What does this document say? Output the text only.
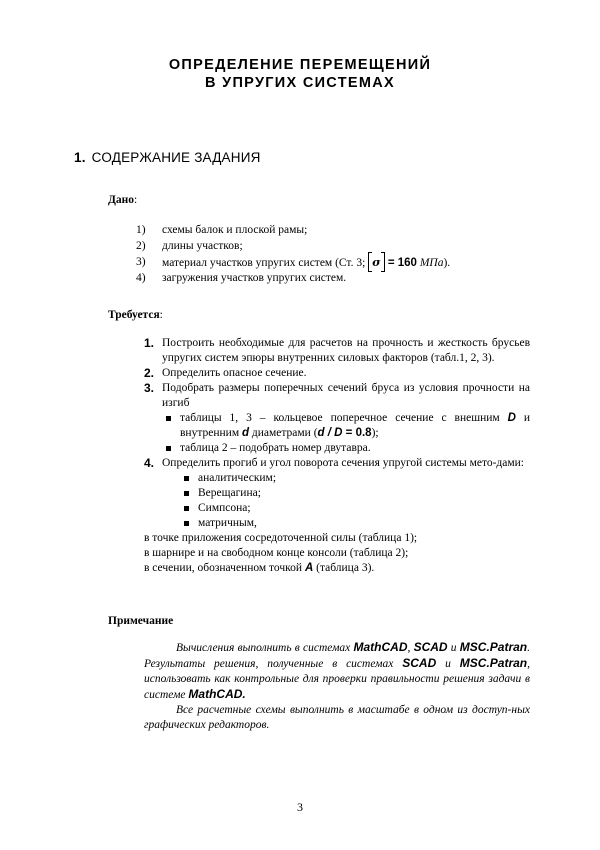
ОПРЕДЕЛЕНИЕ ПЕРЕМЕЩЕНИЙ
В УПРУГИХ СИСТЕМАХ
1. СОДЕРЖАНИЕ ЗАДАНИЯ
Дано:
1)	схемы балок и плоской рамы;
2)	длины участков;
3)	материал участков упругих систем (Ст. 3; σ = 160 МПа).
4)	загружения участков упругих систем.
Требуется:
1. Построить необходимые для расчетов на прочность и жесткость брусьев упругих систем эпюры внутренних силовых факторов (табл.1, 2, 3).
2. Определить опасное сечение.
3. Подобрать размеры поперечных сечений бруса из условия прочности на изгиб
таблицы 1, 3 – кольцевое поперечное сечение с внешним D и внутренним d диаметрами (d / D = 0.8);
таблица 2 – подобрать номер двутавра.
4. Определить прогиб и угол поворота сечения упругой системы мето-дами:
аналитическим;
Верещагина;
Симпсона;
матричным,
в точке приложения сосредоточенной силы (таблица 1);
в шарнире и на свободном конце консоли (таблица 2);
в сечении, обозначенном точкой A (таблица 3).
Примечание

Вычисления выполнить в системах MathCAD, SCAD и MSC.Patran. Результаты решения, полученные в системах SCAD и MSC.Patran, использовать как контрольные для проверки правильности решения задачи в системе MathCAD.

Все расчетные схемы выполнить в масштабе в одном из доступ-ных графических редакторов.

3
